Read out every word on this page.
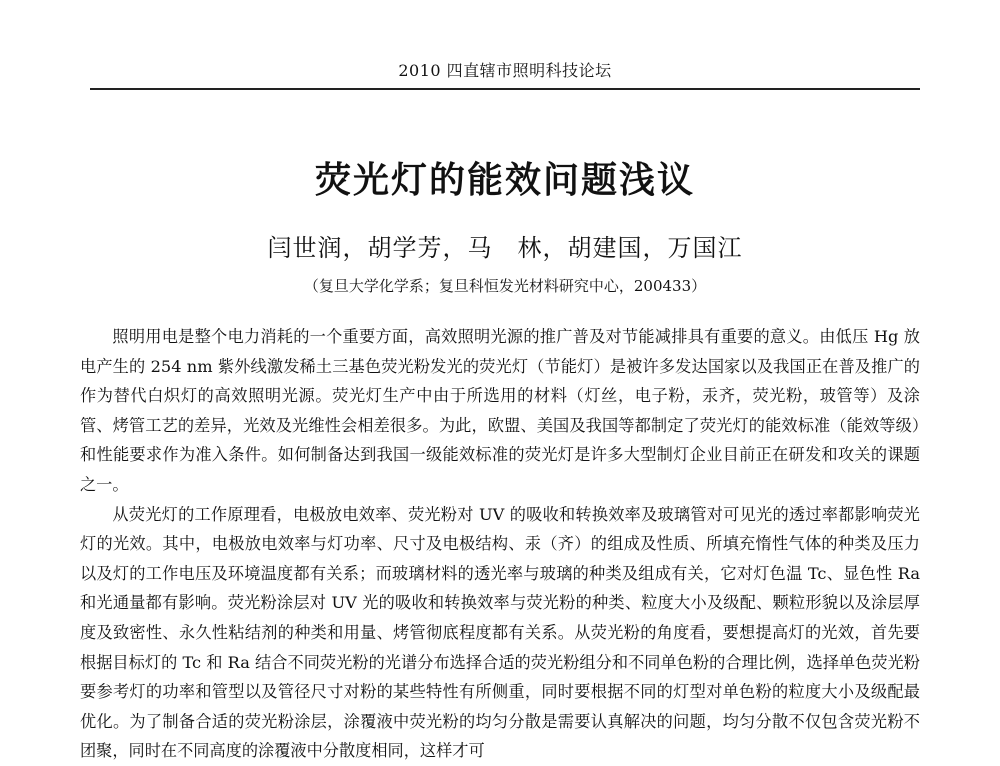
2010 四直辖市照明科技论坛
荧光灯的能效问题浅议
闫世润，胡学芳，马　林，胡建国，万国江
（复旦大学化学系；复旦科恒发光材料研究中心，200433）

照明用电是整个电力消耗的一个重要方面，高效照明光源的推广普及对节能减排具有重要的意义。由低压 Hg 放电产生的 254 nm 紫外线激发稀土三基色荧光粉发光的荧光灯（节能灯）是被许多发达国家以及我国正在普及推广的作为替代白炽灯的高效照明光源。荧光灯生产中由于所选用的材料（灯丝，电子粉，汞齐，荧光粉，玻管等）及涂管、烤管工艺的差异，光效及光维性会相差很多。为此，欧盟、美国及我国等都制定了荧光灯的能效标准（能效等级）和性能要求作为准入条件。如何制备达到我国一级能效标准的荧光灯是许多大型制灯企业目前正在研发和攻关的课题之一。

从荧光灯的工作原理看，电极放电效率、荧光粉对 UV 的吸收和转换效率及玻璃管对可见光的透过率都影响荧光灯的光效。其中，电极放电效率与灯功率、尺寸及电极结构、汞（齐）的组成及性质、所填充惰性气体的种类及压力以及灯的工作电压及环境温度都有关系；而玻璃材料的透光率与玻璃的种类及组成有关，它对灯色温 Tc、显色性 Ra 和光通量都有影响。荧光粉涂层对 UV 光的吸收和转换效率与荧光粉的种类、粒度大小及级配、颗粒形貌以及涂层厚度及致密性、永久性粘结剂的种类和用量、烤管彻底程度都有关系。从荧光粉的角度看，要想提高灯的光效，首先要根据目标灯的 Tc 和 Ra 结合不同荧光粉的光谱分布选择合适的荧光粉组分和不同单色粉的合理比例，选择单色荧光粉要参考灯的功率和管型以及管径尺寸对粉的某些特性有所侧重，同时要根据不同的灯型对单色粉的粒度大小及级配最优化。为了制备合适的荧光粉涂层，涂覆液中荧光粉的均匀分散是需要认真解决的问题，均匀分散不仅包含荧光粉不团聚，同时在不同高度的涂覆液中分散度相同，这样才可
